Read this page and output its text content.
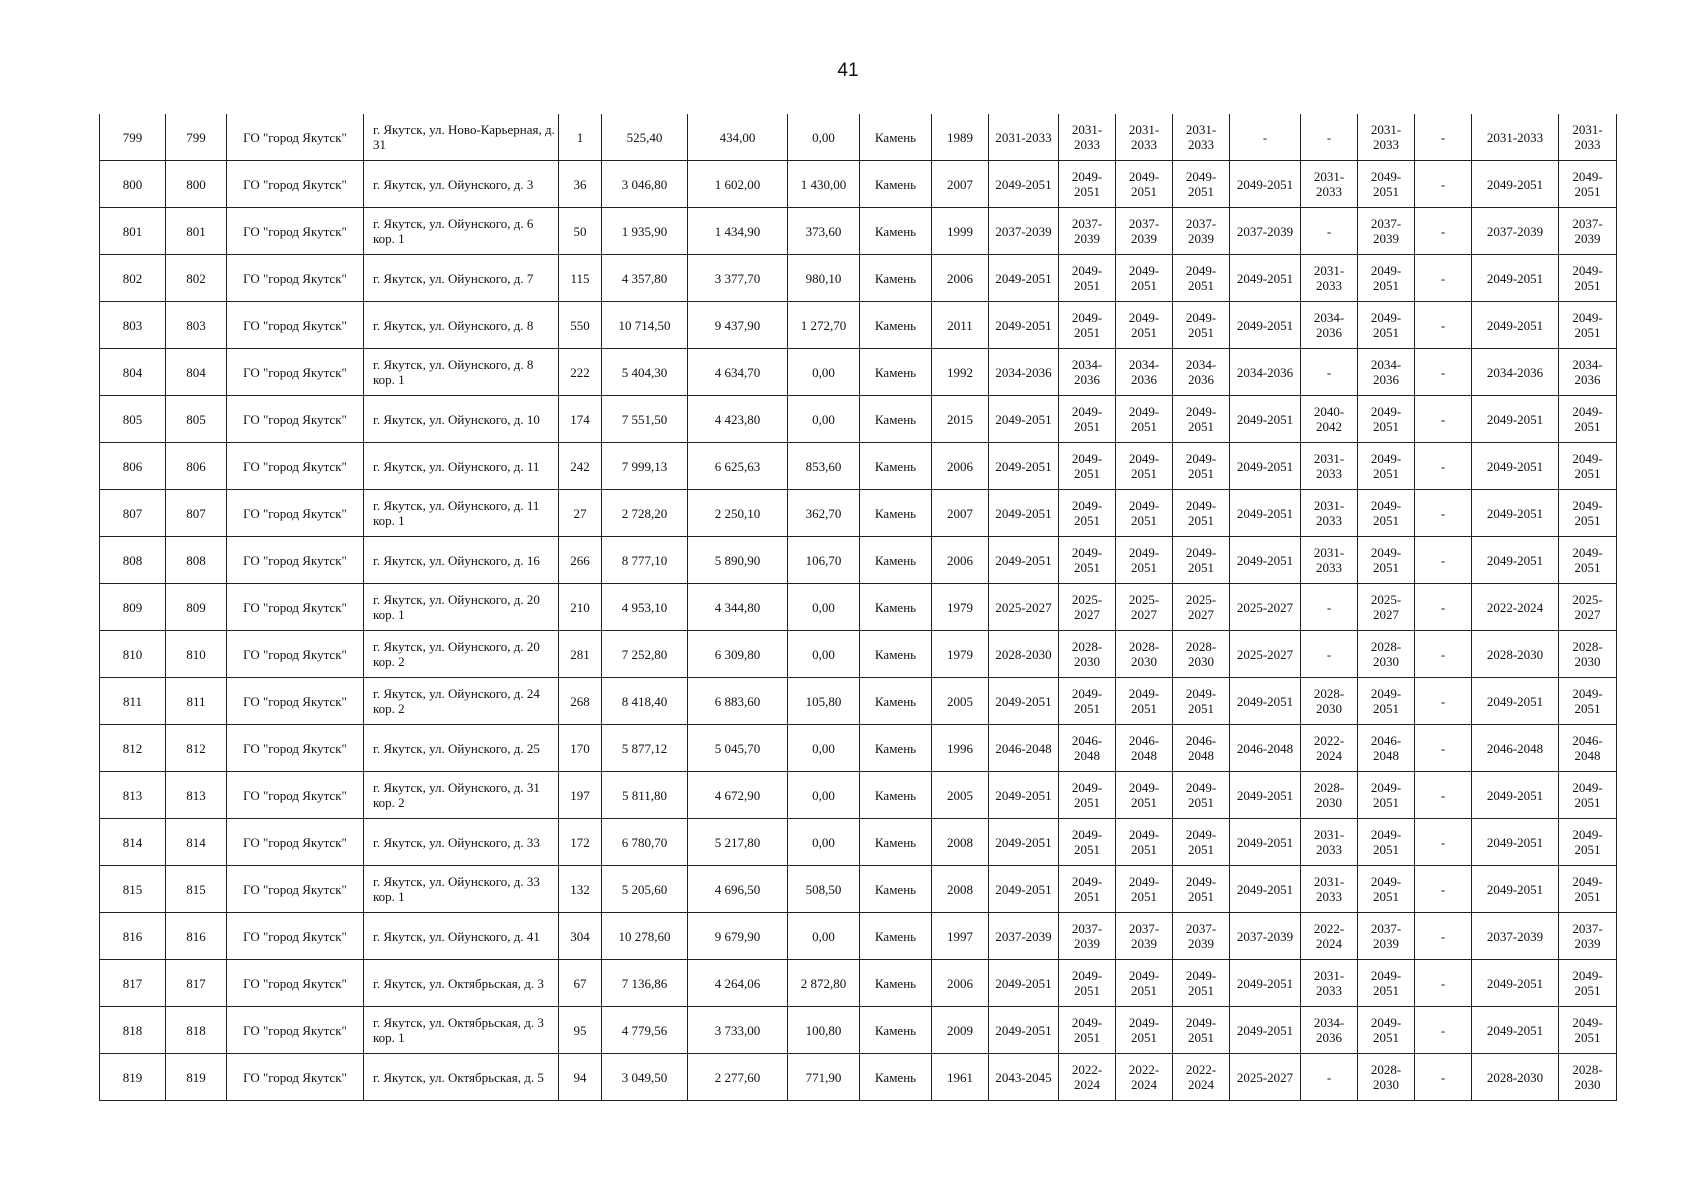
41
799	799	ГО "город Якутск"	г. Якутск, ул. Ново-Карьерная, д. 31	1	525,40	434,00	0,00	Камень	1989	2031-2033	2031-2033	2031-2033	2031-2033	-	-	2031-2033	-	2031-2033	2031-2033
800	800	ГО "город Якутск"	г. Якутск, ул. Ойунского, д. 3	36	3 046,80	1 602,00	1 430,00	Камень	2007	2049-2051	2049-2051	2049-2051	2049-2051	2049-2051	2031-2033	2049-2051	-	2049-2051	2049-2051
801	801	ГО "город Якутск"	г. Якутск, ул. Ойунского, д. 6 кор. 1	50	1 935,90	1 434,90	373,60	Камень	1999	2037-2039	2037-2039	2037-2039	2037-2039	2037-2039	-	2037-2039	-	2037-2039	2037-2039
802	802	ГО "город Якутск"	г. Якутск, ул. Ойунского, д. 7	115	4 357,80	3 377,70	980,10	Камень	2006	2049-2051	2049-2051	2049-2051	2049-2051	2049-2051	2031-2033	2049-2051	-	2049-2051	2049-2051
803	803	ГО "город Якутск"	г. Якутск, ул. Ойунского, д. 8	550	10 714,50	9 437,90	1 272,70	Камень	2011	2049-2051	2049-2051	2049-2051	2049-2051	2049-2051	2034-2036	2049-2051	-	2049-2051	2049-2051
804	804	ГО "город Якутск"	г. Якутск, ул. Ойунского, д. 8 кор. 1	222	5 404,30	4 634,70	0,00	Камень	1992	2034-2036	2034-2036	2034-2036	2034-2036	2034-2036	-	2034-2036	-	2034-2036	2034-2036
805	805	ГО "город Якутск"	г. Якутск, ул. Ойунского, д. 10	174	7 551,50	4 423,80	0,00	Камень	2015	2049-2051	2049-2051	2049-2051	2049-2051	2049-2051	2040-2042	2049-2051	-	2049-2051	2049-2051
806	806	ГО "город Якутск"	г. Якутск, ул. Ойунского, д. 11	242	7 999,13	6 625,63	853,60	Камень	2006	2049-2051	2049-2051	2049-2051	2049-2051	2049-2051	2031-2033	2049-2051	-	2049-2051	2049-2051
807	807	ГО "город Якутск"	г. Якутск, ул. Ойунского, д. 11 кор. 1	27	2 728,20	2 250,10	362,70	Камень	2007	2049-2051	2049-2051	2049-2051	2049-2051	2049-2051	2031-2033	2049-2051	-	2049-2051	2049-2051
808	808	ГО "город Якутск"	г. Якутск, ул. Ойунского, д. 16	266	8 777,10	5 890,90	106,70	Камень	2006	2049-2051	2049-2051	2049-2051	2049-2051	2049-2051	2031-2033	2049-2051	-	2049-2051	2049-2051
809	809	ГО "город Якутск"	г. Якутск, ул. Ойунского, д. 20 кор. 1	210	4 953,10	4 344,80	0,00	Камень	1979	2025-2027	2025-2027	2025-2027	2025-2027	2025-2027	-	2025-2027	-	2022-2024	2025-2027
810	810	ГО "город Якутск"	г. Якутск, ул. Ойунского, д. 20 кор. 2	281	7 252,80	6 309,80	0,00	Камень	1979	2028-2030	2028-2030	2028-2030	2028-2030	2025-2027	-	2028-2030	-	2028-2030	2028-2030
811	811	ГО "город Якутск"	г. Якутск, ул. Ойунского, д. 24 кор. 2	268	8 418,40	6 883,60	105,80	Камень	2005	2049-2051	2049-2051	2049-2051	2049-2051	2049-2051	2028-2030	2049-2051	-	2049-2051	2049-2051
812	812	ГО "город Якутск"	г. Якутск, ул. Ойунского, д. 25	170	5 877,12	5 045,70	0,00	Камень	1996	2046-2048	2046-2048	2046-2048	2046-2048	2046-2048	2022-2024	2046-2048	-	2046-2048	2046-2048
813	813	ГО "город Якутск"	г. Якутск, ул. Ойунского, д. 31 кор. 2	197	5 811,80	4 672,90	0,00	Камень	2005	2049-2051	2049-2051	2049-2051	2049-2051	2049-2051	2028-2030	2049-2051	-	2049-2051	2049-2051
814	814	ГО "город Якутск"	г. Якутск, ул. Ойунского, д. 33	172	6 780,70	5 217,80	0,00	Камень	2008	2049-2051	2049-2051	2049-2051	2049-2051	2049-2051	2031-2033	2049-2051	-	2049-2051	2049-2051
815	815	ГО "город Якутск"	г. Якутск, ул. Ойунского, д. 33 кор. 1	132	5 205,60	4 696,50	508,50	Камень	2008	2049-2051	2049-2051	2049-2051	2049-2051	2049-2051	2031-2033	2049-2051	-	2049-2051	2049-2051
816	816	ГО "город Якутск"	г. Якутск, ул. Ойунского, д. 41	304	10 278,60	9 679,90	0,00	Камень	1997	2037-2039	2037-2039	2037-2039	2037-2039	2037-2039	2022-2024	2037-2039	-	2037-2039	2037-2039
817	817	ГО "город Якутск"	г. Якутск, ул. Октябрьская, д. 3	67	7 136,86	4 264,06	2 872,80	Камень	2006	2049-2051	2049-2051	2049-2051	2049-2051	2049-2051	2031-2033	2049-2051	-	2049-2051	2049-2051
818	818	ГО "город Якутск"	г. Якутск, ул. Октябрьская, д. 3 кор. 1	95	4 779,56	3 733,00	100,80	Камень	2009	2049-2051	2049-2051	2049-2051	2049-2051	2049-2051	2034-2036	2049-2051	-	2049-2051	2049-2051
819	819	ГО "город Якутск"	г. Якутск, ул. Октябрьская, д. 5	94	3 049,50	2 277,60	771,90	Камень	1961	2043-2045	2022-2024	2022-2024	2022-2024	2025-2027	-	2028-2030	-	2028-2030	2028-2030
